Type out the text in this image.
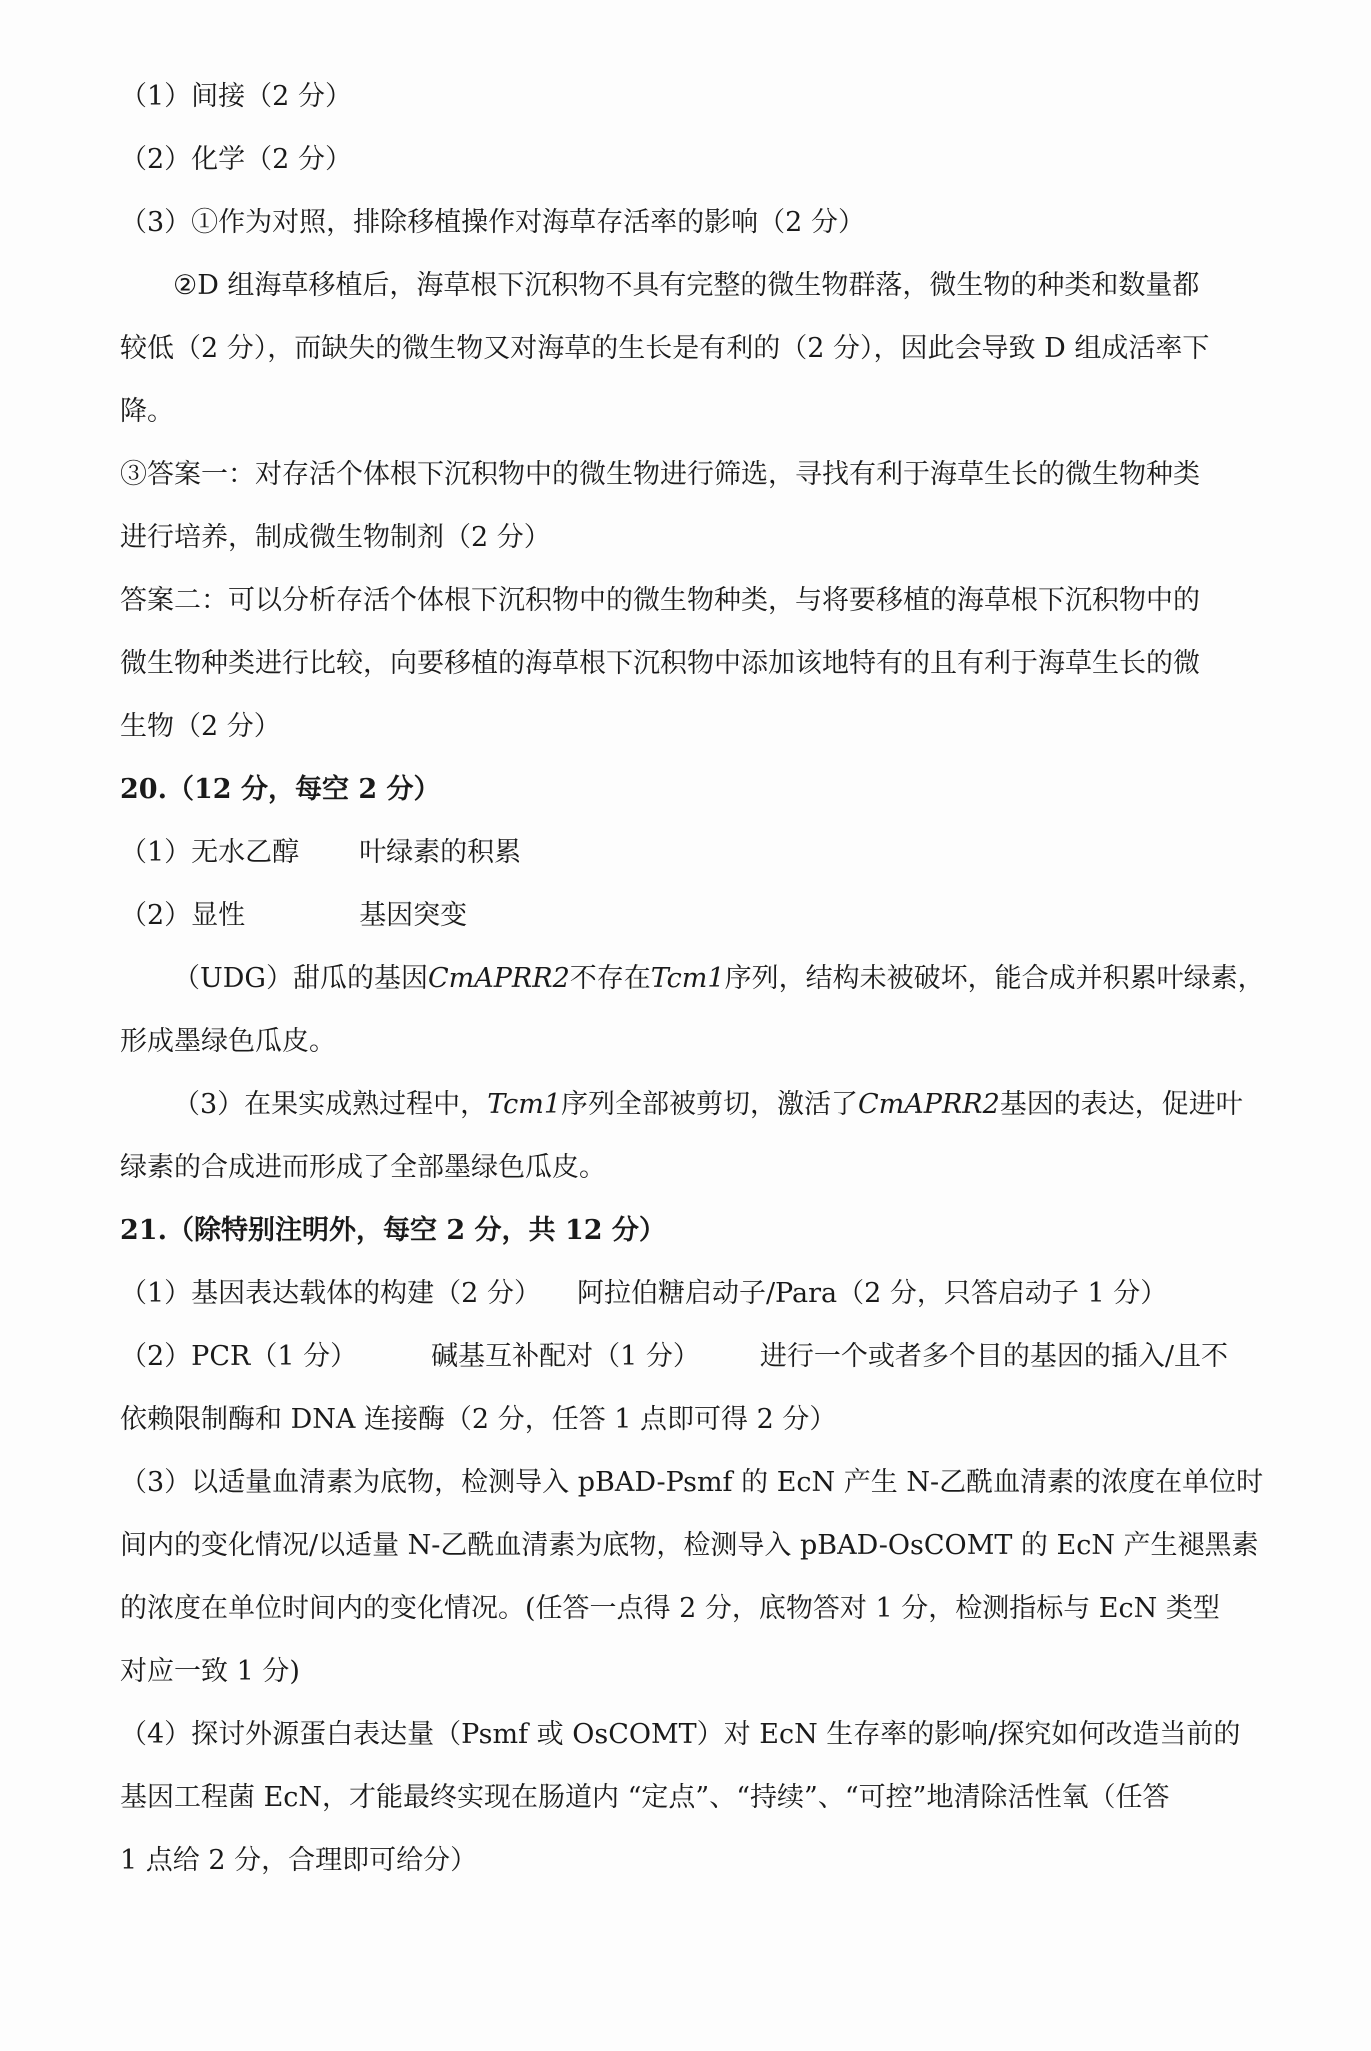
（1）间接（2 分）
（2）化学（2 分）
（3）①作为对照，排除移植操作对海草存活率的影响（2 分）
②D 组海草移植后，海草根下沉积物不具有完整的微生物群落，微生物的种类和数量都
较低（2 分），而缺失的微生物又对海草的生长是有利的（2 分），因此会导致 D 组成活率下
降。
③答案一：对存活个体根下沉积物中的微生物进行筛选，寻找有利于海草生长的微生物种类
进行培养，制成微生物制剂（2 分）
答案二：可以分析存活个体根下沉积物中的微生物种类，与将要移植的海草根下沉积物中的
微生物种类进行比较，向要移植的海草根下沉积物中添加该地特有的且有利于海草生长的微
生物（2 分）
20.（12 分，每空 2 分）
（1）无水乙醇 叶绿素的积累
（2）显性	基因突变
（UDG）甜瓜的基因CmAPRR2不存在Tcm1序列，结构未被破坏，能合成并积累叶绿素，
形成墨绿色瓜皮。
（3）在果实成熟过程中，Tcm1序列全部被剪切，激活了CmAPRR2基因的表达，促进叶
绿素的合成进而形成了全部墨绿色瓜皮。
21.（除特别注明外，每空 2 分，共 12 分）
（1）基因表达载体的构建（2 分） 阿拉伯糖启动子/Para（2 分，只答启动子 1 分）
（2）PCR（1 分）	碱基互补配对（1 分） 进行一个或者多个目的基因的插入/且不
依赖限制酶和 DNA 连接酶（2 分，任答 1 点即可得 2 分）
（3）以适量血清素为底物，检测导入 pBAD-Psmf 的 EcN 产生 N-乙酰血清素的浓度在单位时
间内的变化情况/以适量 N-乙酰血清素为底物，检测导入 pBAD-OsCOMT 的 EcN 产生褪黑素
的浓度在单位时间内的变化情况。(任答一点得 2 分，底物答对 1 分，检测指标与 EcN 类型
对应一致 1 分)
（4）探讨外源蛋白表达量（Psmf 或 OsCOMT）对 EcN 生存率的影响/探究如何改造当前的
基因工程菌 EcN，才能最终实现在肠道内 “定点”、“持续”、“可控”地清除活性氧（任答
1 点给 2 分，合理即可给分）
